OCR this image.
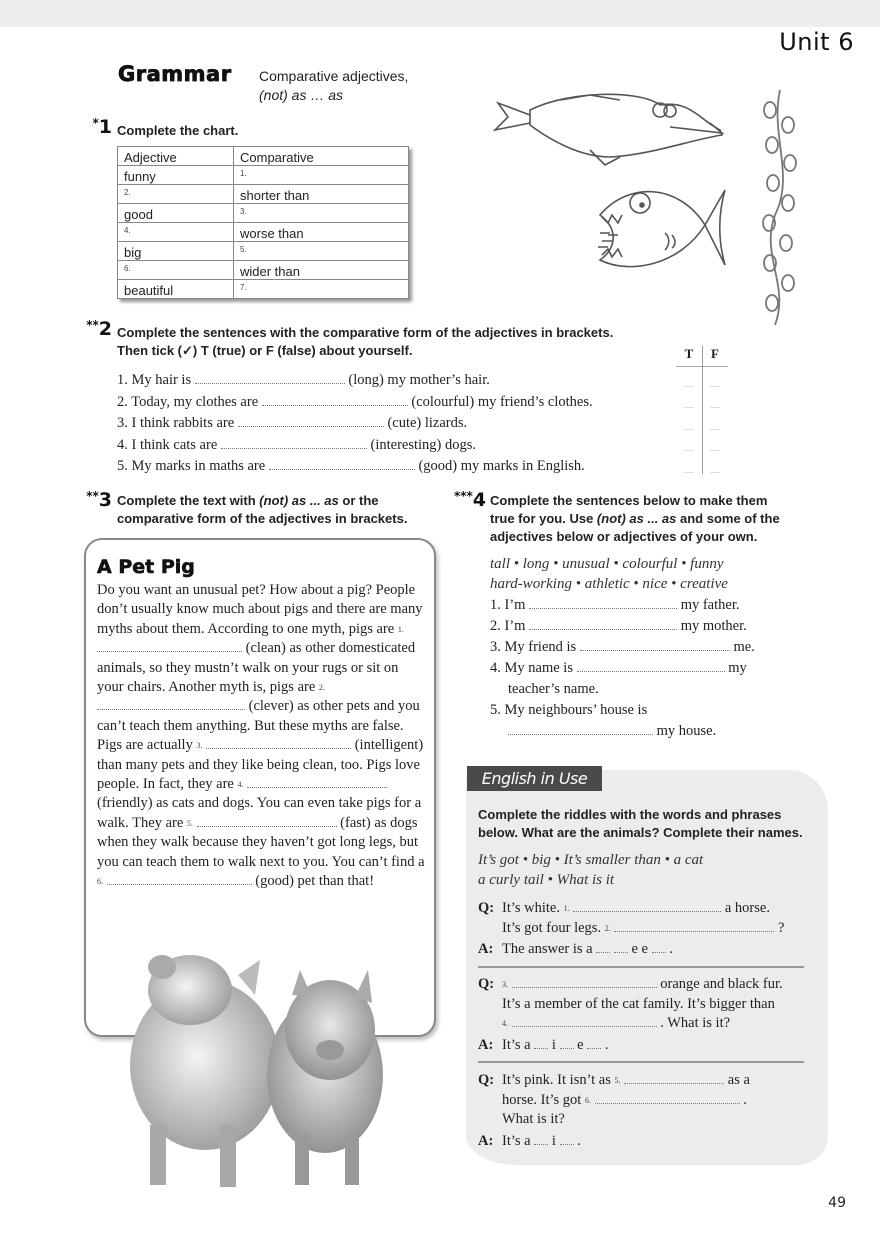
Unit 6
Grammar Comparative adjectives,
(not) as … as
*1 Complete the chart.
Adjective	Comparative
funny	$^{1.}$
$^{2.}$	shorter than
good	$^{3.}$
$^{4.}$	worse than
big	$^{5.}$
$^{6.}$	wider than
beautiful	$^{7.}$
**2 Complete the sentences with the comparative form of the adjectives in brackets.
Then tick (✓) T (true) or F (false) about yourself.
1. My hair is	(long) my mother’s hair.
2. Today, my clothes are	(colourful) my friend’s clothes.
3. I think rabbits are	(cute) lizards.
4. I think cats are	(interesting) dogs.
5. My marks in maths are	(good) my marks in English.
T	F
.....	.....
.....	.....
.....	.....
.....	.....
.....	.....
**3 Complete the text with (not) as ... as or the
comparative form of the adjectives in brackets.
A Pet Pig
Do you want an unusual pet? How about a pig? People don’t usually know much about pigs and there are many myths about them. According to one myth, pigs are $^{1.}$  (clean) as other domesticated animals, so they mustn’t walk on your rugs or sit on your chairs. Another myth is, pigs are $^{2.}$  (clever) as other pets and you can’t teach them anything. But these myths are false. Pigs are actually $^{3.}$	(intelligent) than many pets and they like being clean, too. Pigs love people. In fact, they are $^{4.}$  (friendly) as cats and dogs. You can even take pigs for a walk. They are $^{5.}$	(fast) as dogs when they walk because they haven’t got long legs, but you can teach them to walk next to you. You can’t find a
$^{6.}$	(good) pet than that!
***4 Complete the sentences below to make them
true for you. Use (not) as ... as and some of the
adjectives below or adjectives of your own.
tall • long • unusual • colourful • funny
hard-working • athletic • nice • creative
1. I’m	my father.
2. I’m	my mother.
3. My friend is	me.
4. My name is	my
teacher’s name.
5. My neighbours’ house is
my house.
English in Use
Complete the riddles with the words and phrases
below. What are the animals? Complete their names.
It’s got • big • It’s smaller than • a cat
a curly tail • What is it
Q: It’s white. $^{1.}$	a horse.
It’s got four legs. $^{2.}$	?
A: The answer is a	e e  .
Q: $^{3.}$	orange and black fur.
It’s a member of the cat family. It’s bigger than
$^{4.}$	. What is it?
A: It’s a i e  .
Q: It’s pink. It isn’t as $^{5.}$	as a
horse. It’s got $^{6.}$	.
What is it?
A: It’s a i  .
49
